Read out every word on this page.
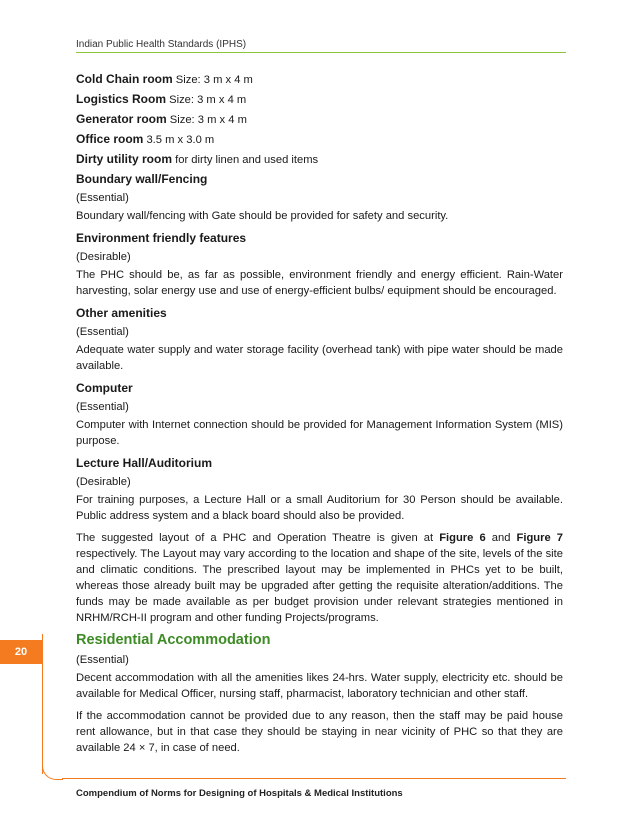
Indian Public Health Standards (IPHS)

Cold Chain room Size: 3 m x 4 m

Logistics Room Size: 3 m x 4 m

Generator room Size: 3 m x 4 m

Office room 3.5 m x 3.0 m

Dirty utility room for dirty linen and used items

Boundary wall/Fencing

(Essential)

Boundary wall/fencing with Gate should be provided for safety and security.

Environment friendly features

(Desirable)

The PHC should be, as far as possible, environment friendly and energy efficient. Rain-Water harvesting, solar energy use and use of energy-efficient bulbs/ equipment should be encouraged.

Other amenities

(Essential)

Adequate water supply and water storage facility (overhead tank) with pipe water should be made available.

Computer

(Essential)

Computer with Internet connection should be provided for Management Information System (MIS) purpose.

Lecture Hall/Auditorium

(Desirable)

For training purposes, a Lecture Hall or a small Auditorium for 30 Person should be available. Public address system and a black board should also be provided.

The suggested layout of a PHC and Operation Theatre is given at Figure 6 and Figure 7 respectively. The Layout may vary according to the location and shape of the site, levels of the site and climatic conditions. The prescribed layout may be implemented in PHCs yet to be built, whereas those already built may be upgraded after getting the requisite alteration/additions. The funds may be made available as per budget provision under relevant strategies mentioned in NRHM/RCH-II program and other funding Projects/programs.

Residential Accommodation

(Essential)

Decent accommodation with all the amenities likes 24-hrs. Water supply, electricity etc. should be available for Medical Officer, nursing staff, pharmacist, laboratory technician and other staff.

If the accommodation cannot be provided due to any reason, then the staff may be paid house rent allowance, but in that case they should be staying in near vicinity of PHC so that they are available 24 × 7, in case of need.

20
Compendium of Norms for Designing of Hospitals & Medical Institutions
